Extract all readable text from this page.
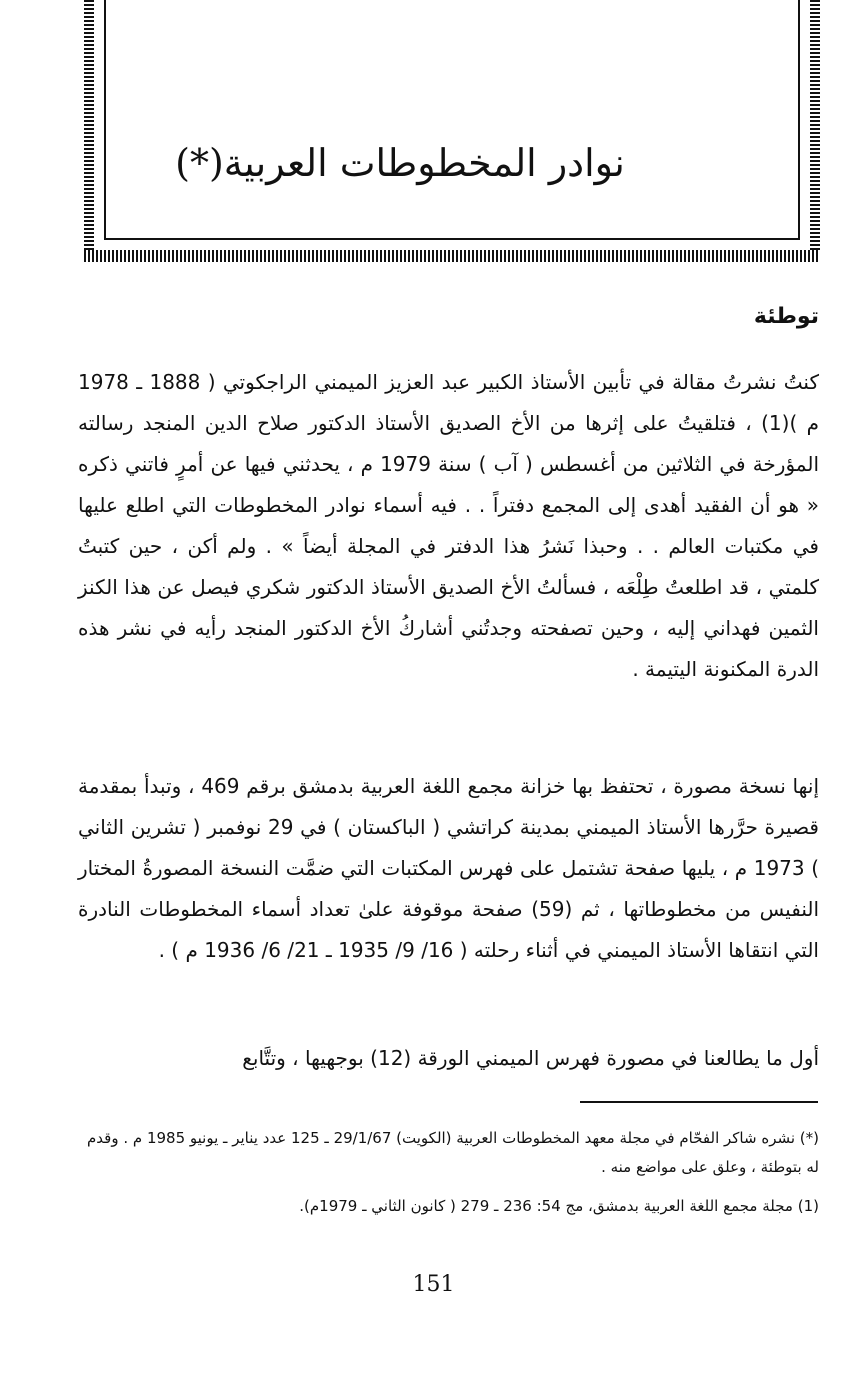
نوادر المخطوطات العربية(*)
توطئة

كنتُ نشرتُ مقالة في تأبين الأستاذ الكبير عبد العزيز الميمني الراجكوتي ( 1888 ـ 1978 م )(1) ، فتلقيتُ على إثرها من الأخ الصديق الأستاذ الدكتور صلاح الدين المنجد رسالته المؤرخة في الثلاثين من أغسطس ( آب ) سنة 1979 م ، يحدثني فيها عن أمرٍ فاتني ذكره « هو أن الفقيد أهدى إلى المجمع دفتراً . . فيه أسماء نوادر المخطوطات التي اطلع عليها في مكتبات العالم . . وحبذا نَشرُ هذا الدفتر في المجلة أيضاً » . ولم أكن ، حين كتبتُ كلمتي ، قد اطلعتُ طِلْعَه ، فسألتُ الأخ الصديق الأستاذ الدكتور شكري فيصل عن هذا الكنز الثمين فهداني إليه ، وحين تصفحته وجدتُني أشاركُ الأخ الدكتور المنجد رأيه في نشر هذه الدرة المكنونة اليتيمة .

إنها نسخة مصورة ، تحتفظ بها خزانة مجمع اللغة العربية بدمشق برقم 469 ، وتبدأ بمقدمة قصيرة حرَّرها الأستاذ الميمني بمدينة كراتشي ( الباكستان ) في 29 نوفمبر ( تشرين الثاني ) 1973 م ، يليها صفحة تشتمل على فهرس المكتبات التي ضمَّت النسخة المصورةُ المختار النفيس من مخطوطاتها ، ثم (59) صفحة موقوفة علىٰ تعداد أسماء المخطوطات النادرة التي انتقاها الأستاذ الميمني في أثناء رحلته ( 16/ 9/ 1935 ـ 21/ 6/ 1936 م ) .

أول ما يطالعنا في مصورة فهرس الميمني الورقة (12) بوجهيها ، وتتَّابع

(*) نشره شاكر الفحّام في مجلة معهد المخطوطات العربية (الكويت) 29/1/67 ـ 125 عدد يناير ـ يونيو 1985 م . وقدم له بتوطئة ، وعلق على مواضع منه .

(1) مجلة مجمع اللغة العربية بدمشق، مج 54: 236 ـ 279 ( كانون الثاني ـ 1979م).

151
